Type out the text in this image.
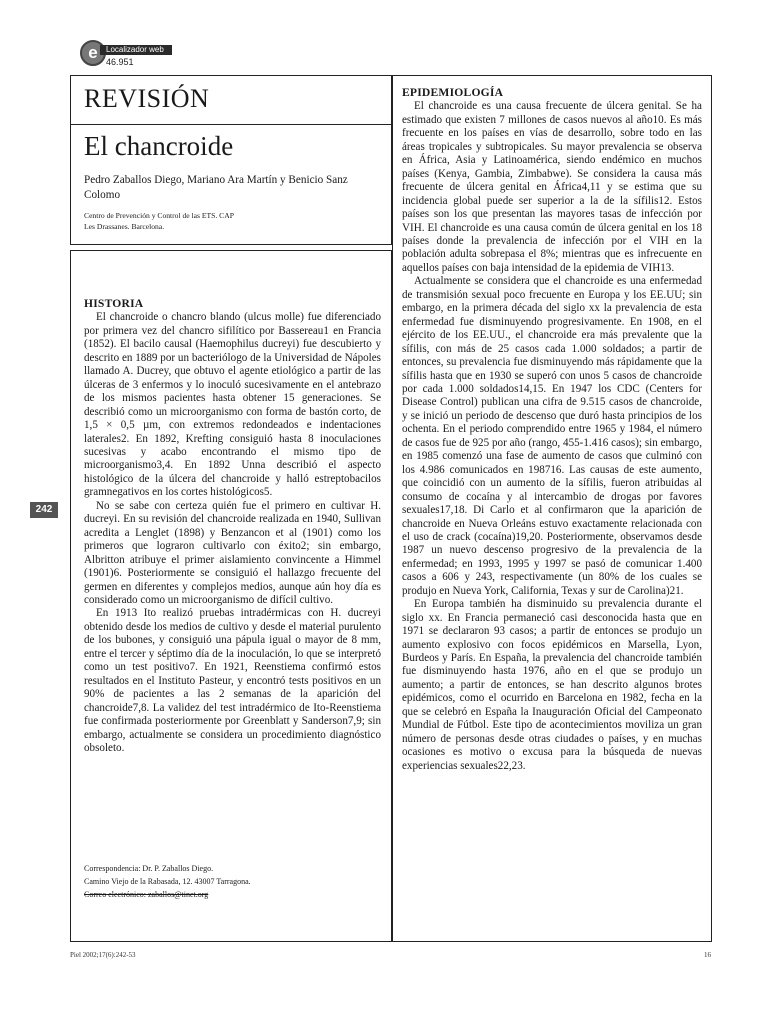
e	Localizador web
46.951
REVISIÓN
El chancroide
Pedro Zaballos Diego, Mariano Ara Martín y Benicio Sanz Colomo
Centro de Prevención y Control de las ETS. CAP
Les Drassanes. Barcelona.
HISTORIA

El chancroide o chancro blando (ulcus molle) fue diferenciado por primera vez del chancro sifilítico por Bassereau1 en Francia (1852). El bacilo causal (Haemophilus ducreyi) fue descubierto y descrito en 1889 por un bacteriólogo de la Universidad de Nápoles llamado A. Ducrey, que obtuvo el agente etiológico a partir de las úlceras de 3 enfermos y lo inoculó sucesivamente en el antebrazo de los mismos pacientes hasta obtener 15 generaciones. Se describió como un microorganismo con forma de bastón corto, de 1,5 × 0,5 µm, con extremos redondeados e indentaciones laterales2. En 1892, Krefting consiguió hasta 8 inoculaciones sucesivas y acabo encontrando el mismo tipo de microorganismo3,4. En 1892 Unna describió el aspecto histológico de la úlcera del chancroide y halló estreptobacilos gramnegativos en los cortes histológicos5.

No se sabe con certeza quién fue el primero en cultivar H. ducreyi. En su revisión del chancroide realizada en 1940, Sullivan acredita a Lenglet (1898) y Benzancon et al (1901) como los primeros que lograron cultivarlo con éxito2; sin embargo, Albritton atribuye el primer aislamiento convincente a Himmel (1901)6. Posteriormente se consiguió el hallazgo frecuente del germen en diferentes y complejos medios, aunque aún hoy día es considerado como un microorganismo de difícil cultivo.

En 1913 Ito realizó pruebas intradérmicas con H. ducreyi obtenido desde los medios de cultivo y desde el material purulento de los bubones, y consiguió una pápula igual o mayor de 8 mm, entre el tercer y séptimo día de la inoculación, lo que se interpretó como un test positivo7. En 1921, Reenstiema confirmó estos resultados en el Instituto Pasteur, y encontró tests positivos en un 90% de pacientes a las 2 semanas de la aparición del chancroide7,8. La validez del test intradérmico de Ito-Reenstiema fue confirmada posteriormente por Greenblatt y Sanderson7,9; sin embargo, actualmente se considera un procedimiento diagnóstico obsoleto.

Correspondencia: Dr. P. Zaballos Diego.
Camino Viejo de la Rabasada, 12. 43007 Tarragona.
Correo electrónico: zaballos@tinet.org
EPIDEMIOLOGÍA

El chancroide es una causa frecuente de úlcera genital. Se ha estimado que existen 7 millones de casos nuevos al año10. Es más frecuente en los países en vías de desarrollo, sobre todo en las áreas tropicales y subtropicales. Su mayor prevalencia se observa en África, Asia y Latinoamérica, siendo endémico en muchos países (Kenya, Gambia, Zimbabwe). Se considera la causa más frecuente de úlcera genital en África4,11 y se estima que su incidencia global puede ser superior a la de la sífilis12. Estos países son los que presentan las mayores tasas de infección por VIH. El chancroide es una causa común de úlcera genital en los 18 países donde la prevalencia de infección por el VIH en la población adulta sobrepasa el 8%; mientras que es infrecuente en aquellos países con baja intensidad de la epidemia de VIH13.

Actualmente se considera que el chancroide es una enfermedad de transmisión sexual poco frecuente en Europa y los EE.UU; sin embargo, en la primera década del siglo xx la prevalencia de esta enfermedad fue disminuyendo progresivamente. En 1908, en el ejército de los EE.UU., el chancroide era más prevalente que la sífilis, con más de 25 casos cada 1.000 soldados; a partir de entonces, su prevalencia fue disminuyendo más rápidamente que la sífilis hasta que en 1930 se superó con unos 5 casos de chancroide por cada 1.000 soldados14,15. En 1947 los CDC (Centers for Disease Control) publican una cifra de 9.515 casos de chancroide, y se inició un periodo de descenso que duró hasta principios de los ochenta. En el periodo comprendido entre 1965 y 1984, el número de casos fue de 925 por año (rango, 455-1.416 casos); sin embargo, en 1985 comenzó una fase de aumento de casos que culminó con los 4.986 comunicados en 198716. Las causas de este aumento, que coincidió con un aumento de la sífilis, fueron atribuidas al consumo de cocaína y al intercambio de drogas por favores sexuales17,18. Di Carlo et al confirmaron que la aparición de chancroide en Nueva Orleáns estuvo exactamente relacionada con el uso de crack (cocaína)19,20. Posteriormente, observamos desde 1987 un nuevo descenso progresivo de la prevalencia de la enfermedad; en 1993, 1995 y 1997 se pasó de comunicar 1.400 casos a 606 y 243, respectivamente (un 80% de los cuales se produjo en Nueva York, California, Texas y sur de Carolina)21.

En Europa también ha disminuido su prevalencia durante el siglo xx. En Francia permaneció casi desconocida hasta que en 1971 se declararon 93 casos; a partir de entonces se produjo un aumento explosivo con focos epidémicos en Marsella, Lyon, Burdeos y París. En España, la prevalencia del chancroide también fue disminuyendo hasta 1976, año en el que se produjo un aumento; a partir de entonces, se han descrito algunos brotes epidémicos, como el ocurrido en Barcelona en 1982, fecha en la que se celebró en España la Inauguración Oficial del Campeonato Mundial de Fútbol. Este tipo de acontecimientos moviliza un gran número de personas desde otras ciudades o países, y en muchas ocasiones es motivo o excusa para la búsqueda de nuevas experiencias sexuales22,23.

242
Piel 2002;17(6):242-53	16
